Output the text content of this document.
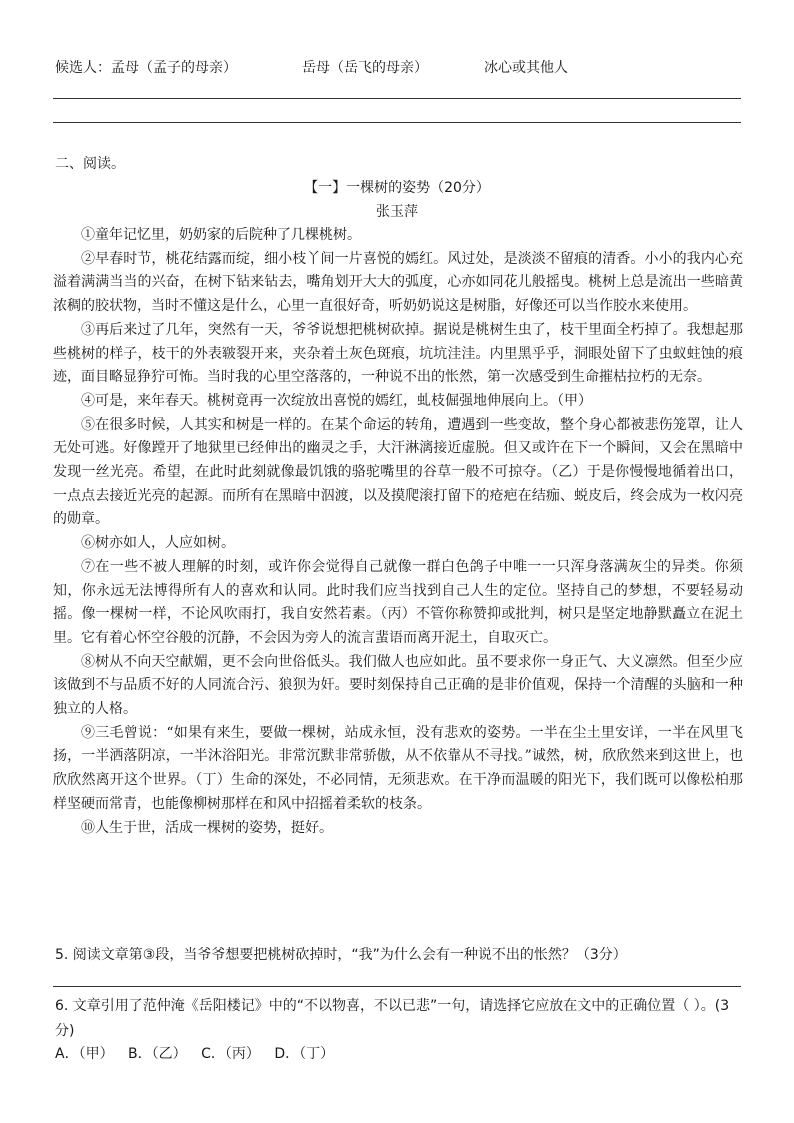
候选人：孟母（孟子的母亲）	岳母（岳飞的母亲）	冰心或其他人
二、阅读。
【一】一棵树的姿势（20分）
张玉萍

①童年记忆里，奶奶家的后院种了几棵桃树。

②早春时节，桃花结露而绽，细小枝丫间一片喜悦的嫣红。风过处，是淡淡不留痕的清香。小小的我内心充溢着满满当当的兴奋，在树下钻来钻去，嘴角划开大大的弧度，心亦如同花儿般摇曳。桃树上总是流出一些暗黄浓稠的胶状物，当时不懂这是什么，心里一直很好奇，听奶奶说这是树脂，好像还可以当作胶水来使用。

③再后来过了几年，突然有一天，爷爷说想把桃树砍掉。据说是桃树生虫了，枝干里面全朽掉了。我想起那些桃树的样子，枝干的外表皲裂开来，夹杂着土灰色斑痕，坑坑洼洼。内里黑乎乎，洞眼处留下了虫蚁蛀蚀的痕迹，面目略显狰狞可怖。当时我的心里空落落的，一种说不出的怅然，第一次感受到生命摧枯拉朽的无奈。

④可是，来年春天。桃树竟再一次绽放出喜悦的嫣红，虬枝倔强地伸展向上。（甲）

⑤在很多时候，人其实和树是一样的。在某个命运的转角，遭遇到一些变故，整个身心都被悲伤笼罩，让人无处可逃。好像蹚开了地狱里已经伸出的幽灵之手，大汗淋漓接近虚脱。但又或许在下一个瞬间，又会在黑暗中发现一丝光亮。希望，在此时此刻就像最饥饿的骆驼嘴里的谷草一般不可掠夺。（乙）于是你慢慢地循着出口，一点点去接近光亮的起源。而所有在黑暗中泅渡，以及摸爬滚打留下的疮疤在结痂、蜕皮后，终会成为一枚闪亮的勋章。

⑥树亦如人，人应如树。

⑦在一些不被人理解的时刻，或许你会觉得自己就像一群白色鸽子中唯一一只浑身落满灰尘的异类。你须知，你永远无法博得所有人的喜欢和认同。此时我们应当找到自己人生的定位。坚持自己的梦想，不要轻易动摇。像一棵树一样，不论风吹雨打，我自安然若素。（丙）不管你称赞抑或批判，树只是坚定地静默矗立在泥土里。它有着心怀空谷般的沉静，不会因为旁人的流言蜚语而离开泥土，自取灭亡。

⑧树从不向天空献媚，更不会向世俗低头。我们做人也应如此。虽不要求你一身正气、大义凛然。但至少应该做到不与品质不好的人同流合污、狼狈为奸。要时刻保持自己正确的是非价值观，保持一个清醒的头脑和一种独立的人格。

⑨三毛曾说：“如果有来生，要做一棵树，站成永恒，没有悲欢的姿势。一半在尘土里安详，一半在风里飞扬，一半洒落阴凉，一半沐浴阳光。非常沉默非常骄傲，从不依靠从不寻找。”诚然，树，欣欣然来到这世上，也欣欣然离开这个世界。（丁）生命的深处，不必同情，无须悲欢。在干净而温暖的阳光下，我们既可以像松柏那样坚硬而常青，也能像柳树那样在和风中招摇着柔软的枝条。

⑩人生于世，活成一棵树的姿势，挺好。

5. 阅读文章第③段，当爷爷想要把桃树砍掉时，“我”为什么会有一种说不出的怅然？（3分）
6. 文章引用了范仲淹《岳阳楼记》中的“不以物喜，不以已悲”一句，请选择它应放在文中的正确位置（ ）。(3分)
A．（甲） B．（乙） C．（丙） D．（丁）
